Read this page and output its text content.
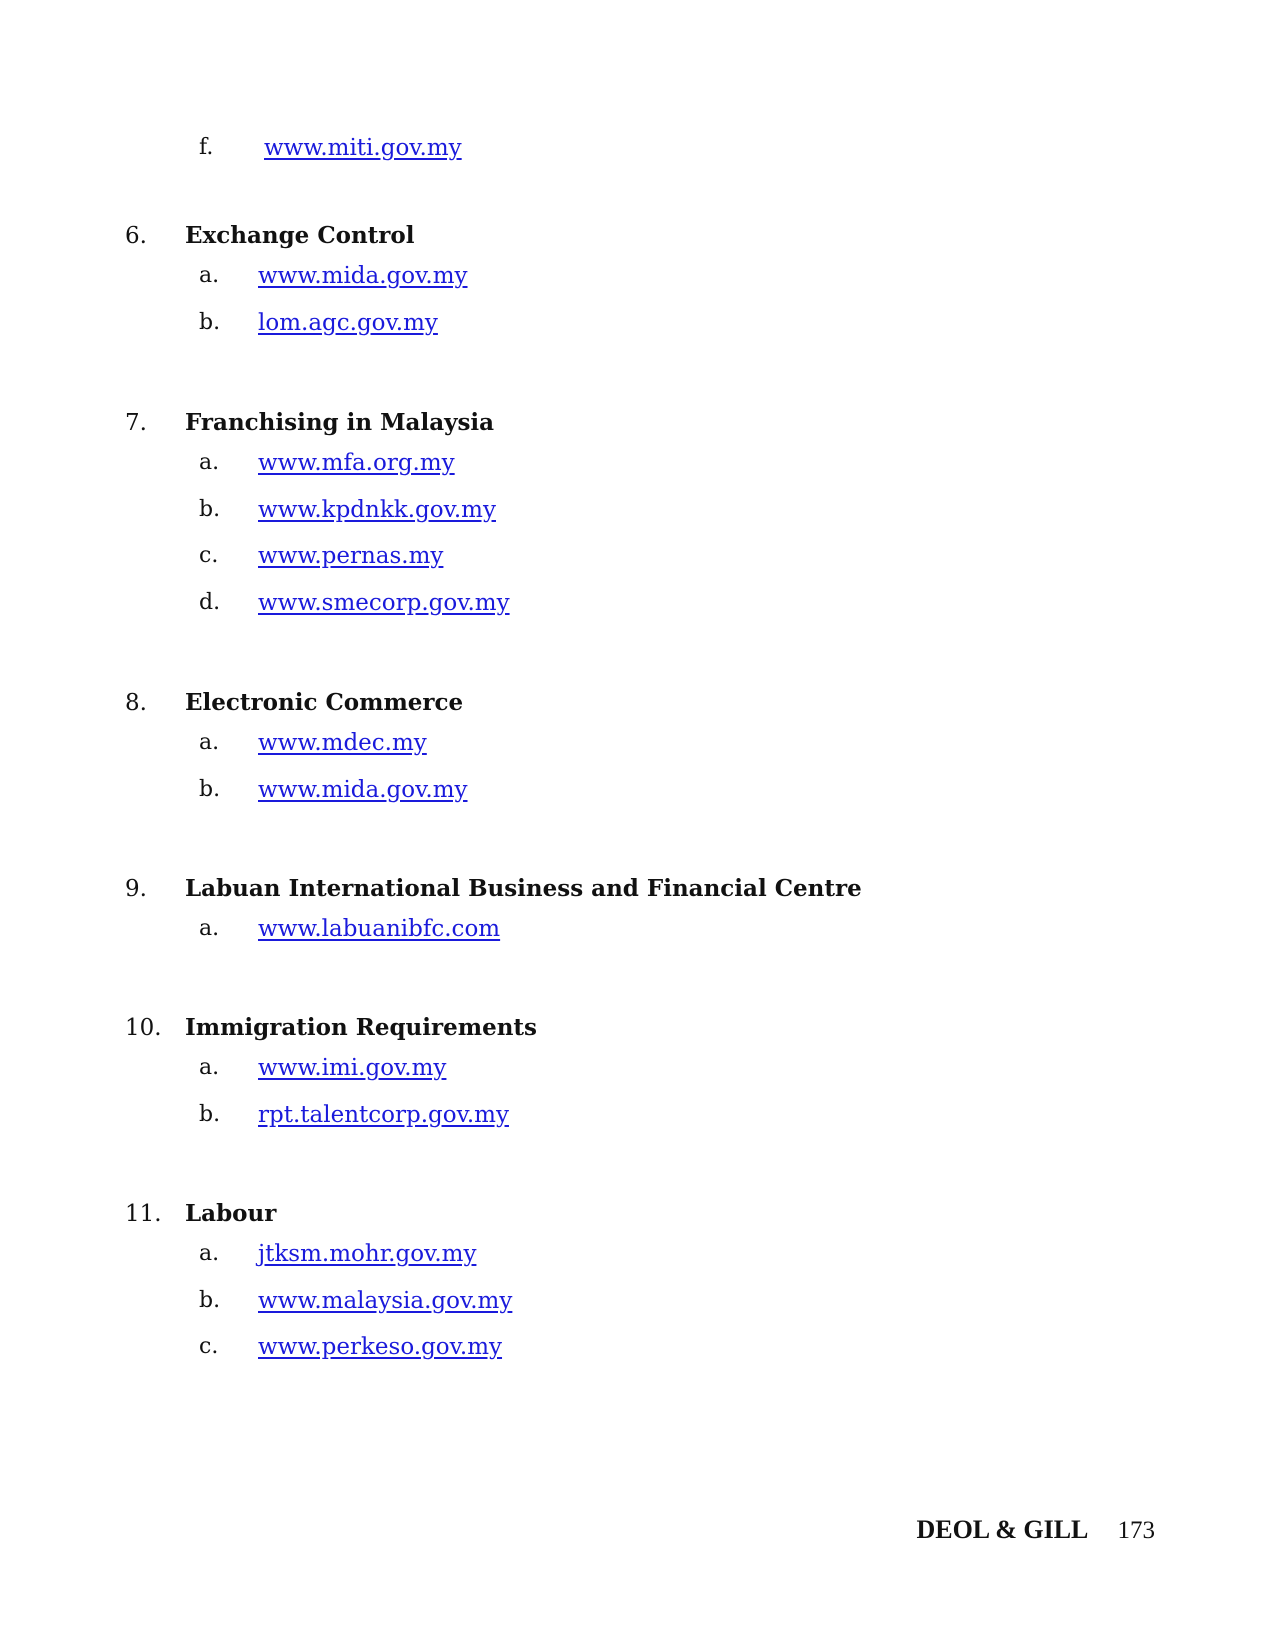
f. www.miti.gov.my
6. Exchange Control
a. www.mida.gov.my
b. lom.agc.gov.my
7. Franchising in Malaysia
a. www.mfa.org.my
b. www.kpdnkk.gov.my
c. www.pernas.my
d. www.smecorp.gov.my
8. Electronic Commerce
a. www.mdec.my
b. www.mida.gov.my
9. Labuan International Business and Financial Centre
a. www.labuanibfc.com
10. Immigration Requirements
a. www.imi.gov.my
b. rpt.talentcorp.gov.my
11. Labour
a. jtksm.mohr.gov.my
b. www.malaysia.gov.my
c. www.perkeso.gov.my
DEOL & GILL 173
